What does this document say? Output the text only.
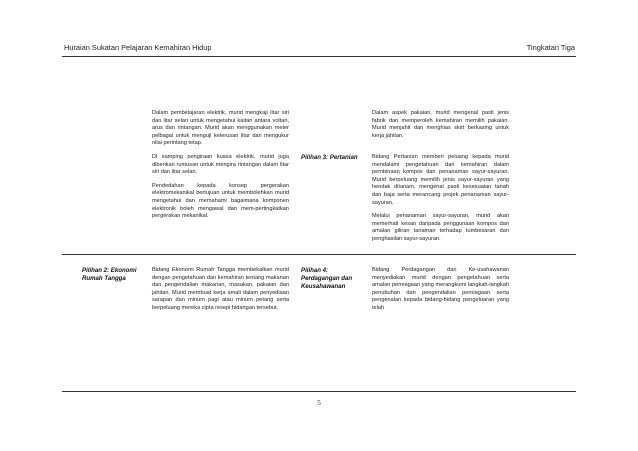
Huraian Sukatan Pelajaran Kemahiran Hidup	Tingkatan Tiga

Dalam pembelajaran elektrik, murid mengkaji litar siri dan litar selari untuk mengetahui kaitan antara voltan, arus dan rintangan. Murid akan menggunakan meter pelbagai untuk menguji keterusan litar dan mengukur nilai perintang tetap.

Di samping pengiraan kuasa elektrik, murid juga diberikan rumusan untuk mengira rintangan dalam litar siri dan litar selari.

Pendedahan kepada konsep pergerakan elektromekanikal bertujuan untuk membolehkan murid mengetahui dan memahami bagaimana komponen elektronik boleh mengawal dan mem-pertingkatkan pergerakan mekanikal.

Dalam aspek pakaian, murid mengenal pasti jenis fabrik dan memperoleh kemahiran memilih pakaian. Murid menjahit dan menghias skirt berkasing untuk kerja jahitan.

Pilihan 3: Pertanian	Bidang Pertanian memberi peluang kepada murid mendalami pengetahuan dan kemahiran dalam pembinaan kompos dan penanaman sayur-sayuran. Murid berpeluang memilih jenis sayur-sayuran yang hendak ditanam, mengenal pasti kesesuaian tanah dan baja serta merancang projek penanaman sayur-sayuran.

Melalui penanaman sayur-sayuran, murid akan memerhati kesan daripada penggunaan kompos dan amalan giliran tanaman terhadap tumbesaran dan penghasilan sayur-sayuran.

Pilihan 2: Ekonomi
Rumah Tangga

Bidang Ekonomi Rumah Tangga membekalkan murid dengan pengetahuan dan kemahiran tentang makanan dan pengendalian makanan, masakan, pakaian dan jahitan. Murid membuat kerja amali dalam penyediaan sarapan dan minum pagi atau minum petang serta berpeluang mereka cipta resepi hidangan tersebut.

Pilihan 4:
Perdagangan dan
Keusahawanan

Bidang Perdagangan dan Ke-usahawanan menyediakan murid dengan pengetahuan serta amalan perniagaan yang merangkumi langkah-langkah penubuhan dan pengendalian perniagaan serta pengenalan kepada bidang-bidang pengeluaran yang telah

5
